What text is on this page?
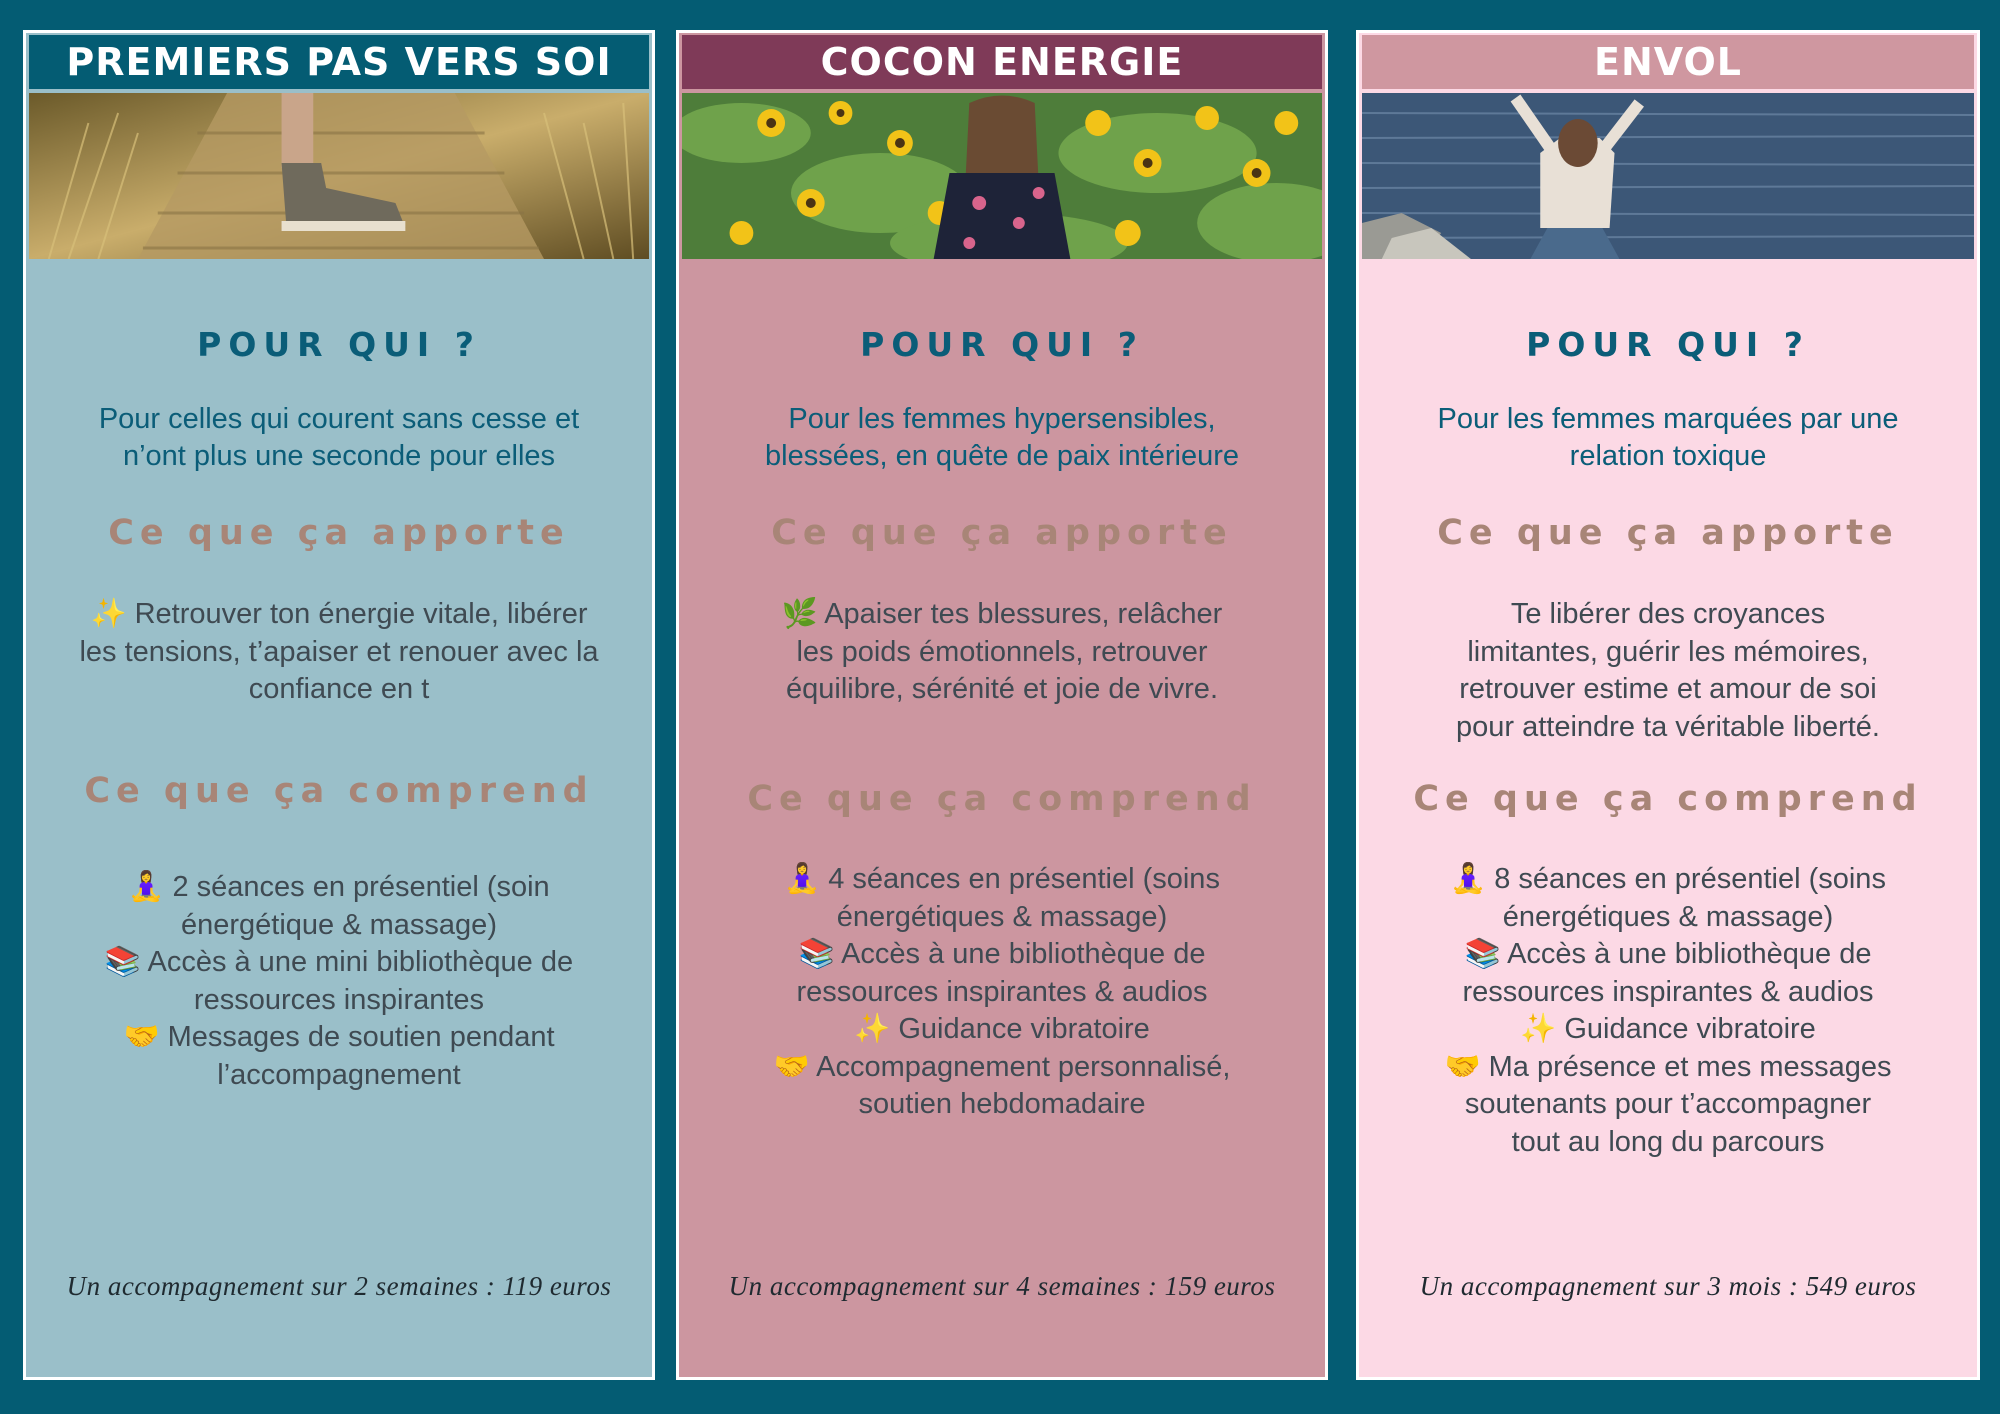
PREMIERS PAS VERS SOI
POUR QUI ?
Pour celles qui courent sans cesse et
n’ont plus une seconde pour elles
Ce que ça apporte
✨ Retrouver ton énergie vitale, libérer
les tensions, t’apaiser et renouer avec la
confiance en t
Ce que ça comprend
🧘‍♀️ 2 séances en présentiel (soin
énergétique & massage)
📚 Accès à une mini bibliothèque de
ressources inspirantes
🤝 Messages de soutien pendant
l’accompagnement
Un accompagnement sur 2 semaines : 119 euros
COCON ENERGIE
POUR QUI ?
Pour les femmes hypersensibles,
blessées, en quête de paix intérieure
Ce que ça apporte
🌿 Apaiser tes blessures, relâcher
les poids émotionnels, retrouver
équilibre, sérénité et joie de vivre.
Ce que ça comprend
🧘‍♀️ 4 séances en présentiel (soins
énergétiques & massage)
📚 Accès à une bibliothèque de
ressources inspirantes & audios
✨ Guidance vibratoire
🤝 Accompagnement personnalisé,
soutien hebdomadaire
Un accompagnement sur 4 semaines : 159 euros
ENVOL
POUR QUI ?
Pour les femmes marquées par une
relation toxique
Ce que ça apporte
Te libérer des croyances
limitantes, guérir les mémoires,
retrouver estime et amour de soi
pour atteindre ta véritable liberté.
Ce que ça comprend
🧘‍♀️ 8 séances en présentiel (soins
énergétiques & massage)
📚 Accès à une bibliothèque de
ressources inspirantes & audios
✨ Guidance vibratoire
🤝 Ma présence et mes messages
soutenants pour t’accompagner
tout au long du parcours
Un accompagnement sur 3 mois : 549 euros
